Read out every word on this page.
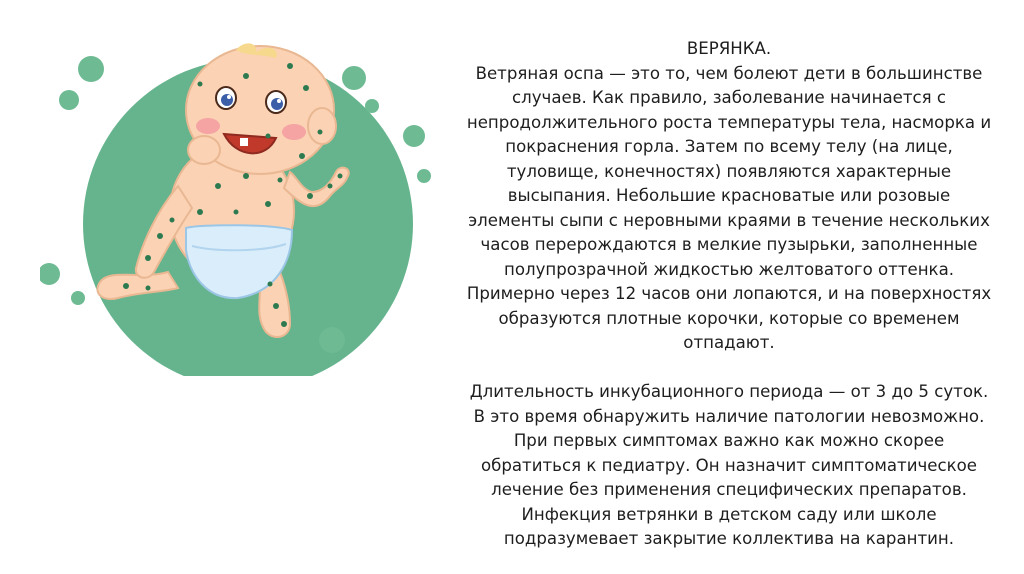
ВЕРЯНКА.
Ветряная оспа — это то, чем болеют дети в большинстве
случаев. Как правило, заболевание начинается с
непродолжительного роста температуры тела, насморка и
покраснения горла. Затем по всему телу (на лице,
туловище, конечностях) появляются характерные
высыпания. Небольшие красноватые или розовые
элементы сыпи с неровными краями в течение нескольких
часов перерождаются в мелкие пузырьки, заполненные
полупрозрачной жидкостью желтоватого оттенка.
Примерно через 12 часов они лопаются, и на поверхностях
образуются плотные корочки, которые со временем
отпадают.

Длительность инкубационного периода — от 3 до 5 суток.
В это время обнаружить наличие патологии невозможно.
При первых симптомах важно как можно скорее
обратиться к педиатру. Он назначит симптоматическое
лечение без применения специфических препаратов.
Инфекция ветрянки в детском саду или школе
подразумевает закрытие коллектива на карантин.
